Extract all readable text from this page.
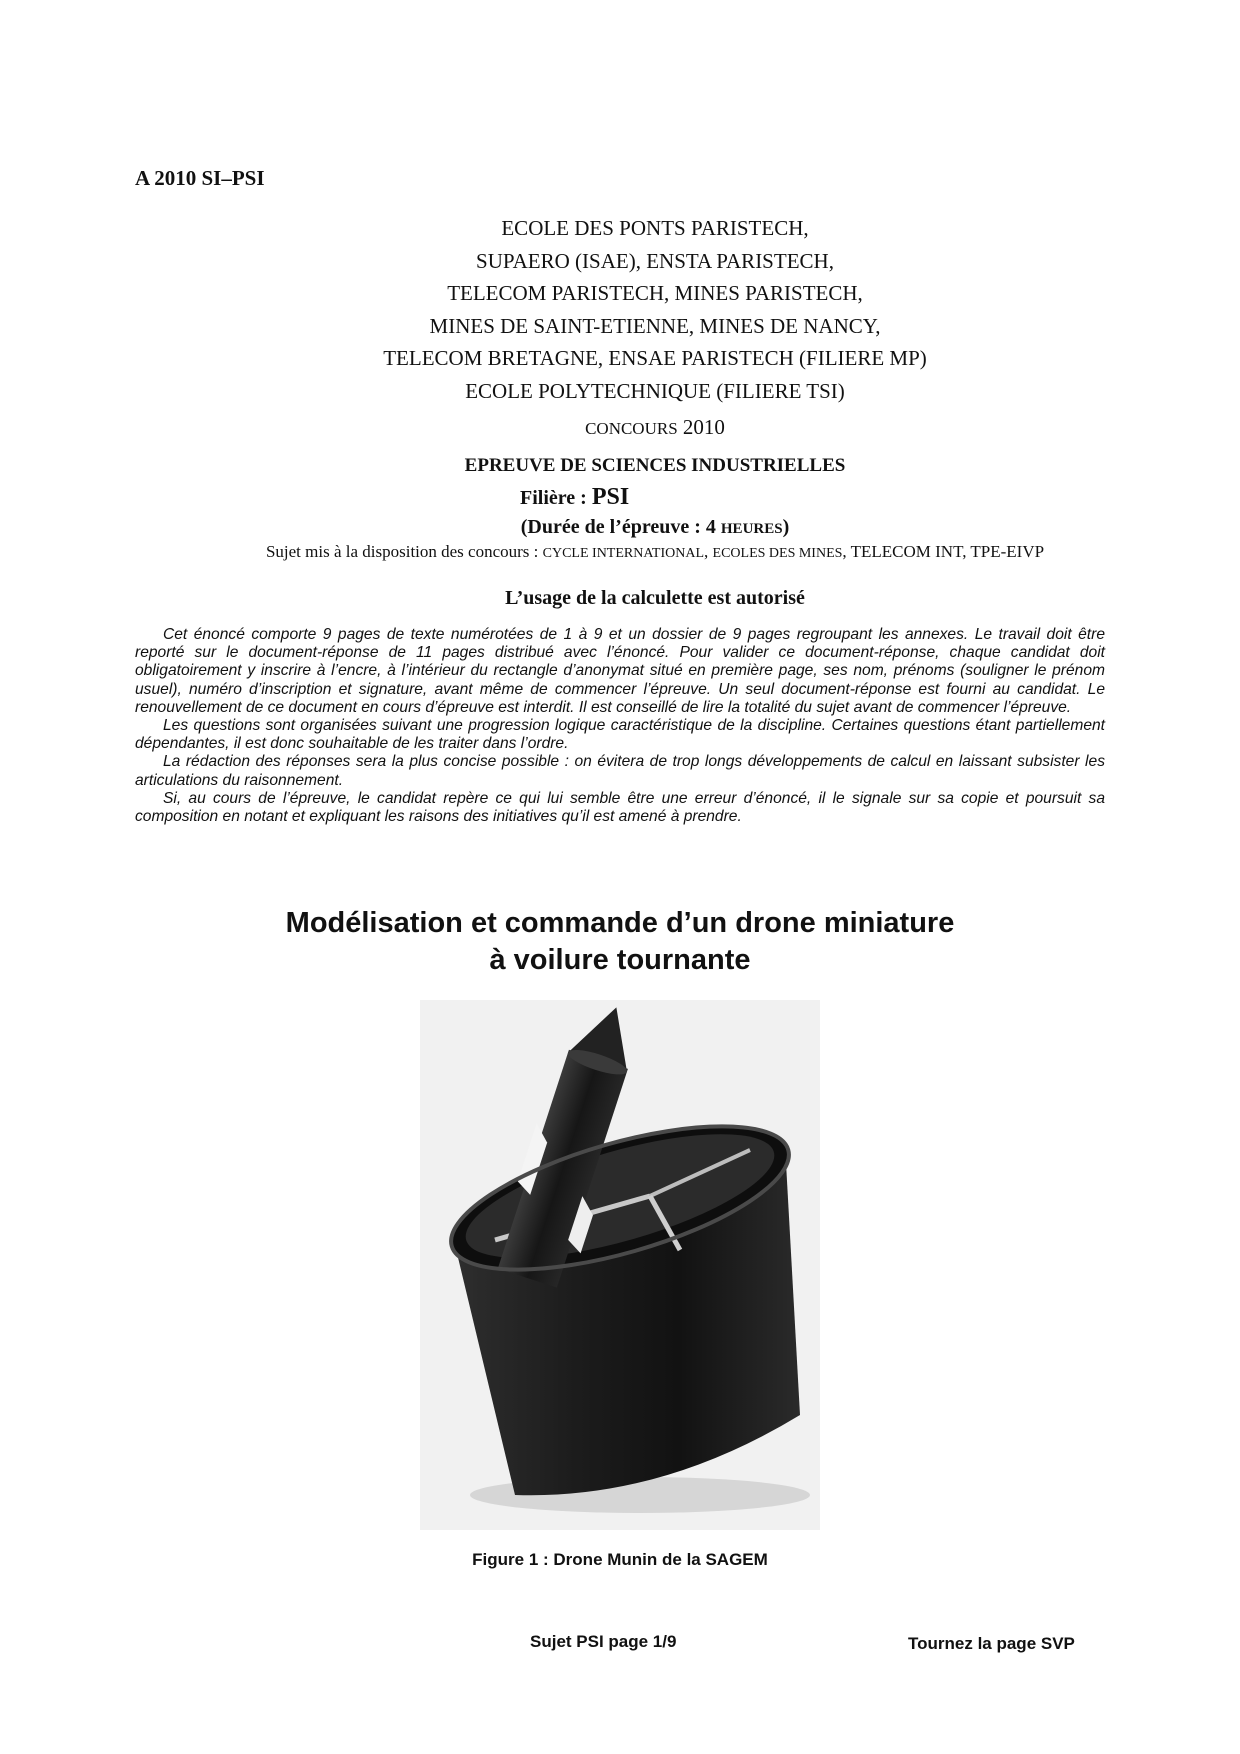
A 2010 SI–PSI
ECOLE DES PONTS PARISTECH,
SUPAERO (ISAE), ENSTA PARISTECH,
TELECOM PARISTECH, MINES PARISTECH,
MINES DE SAINT-ETIENNE, MINES DE NANCY,
TELECOM BRETAGNE, ENSAE PARISTECH (FILIERE MP)
ECOLE POLYTECHNIQUE (FILIERE TSI)
CONCOURS 2010
EPREUVE DE SCIENCES INDUSTRIELLES
Filière : PSI
(Durée de l’épreuve : 4 HEURES)
Sujet mis à la disposition des concours : CYCLE INTERNATIONAL, ECOLES DES MINES, TELECOM INT, TPE-EIVP
L’usage de la calculette est autorisé

Cet énoncé comporte 9 pages de texte numérotées de 1 à 9 et un dossier de 9 pages regroupant les annexes. Le travail doit être reporté sur le document-réponse de 11 pages distribué avec l’énoncé. Pour valider ce document-réponse, chaque candidat doit obligatoirement y inscrire à l’encre, à l’intérieur du rectangle d’anonymat situé en première page, ses nom, prénoms (souligner le prénom usuel), numéro d’inscription et signature, avant même de commencer l’épreuve. Un seul document-réponse est fourni au candidat. Le renouvellement de ce document en cours d’épreuve est interdit. Il est conseillé de lire la totalité du sujet avant de commencer l’épreuve.

Les questions sont organisées suivant une progression logique caractéristique de la discipline. Certaines questions étant partiellement dépendantes, il est donc souhaitable de les traiter dans l’ordre.

La rédaction des réponses sera la plus concise possible : on évitera de trop longs développements de calcul en laissant subsister les articulations du raisonnement.

Si, au cours de l’épreuve, le candidat repère ce qui lui semble être une erreur d’énoncé, il le signale sur sa copie et poursuit sa composition en notant et expliquant les raisons des initiatives qu’il est amené à prendre.

Modélisation et commande d’un drone miniature
à voilure tournante
Figure 1 : Drone Munin de la SAGEM
Sujet PSI page 1/9	Tournez la page SVP
